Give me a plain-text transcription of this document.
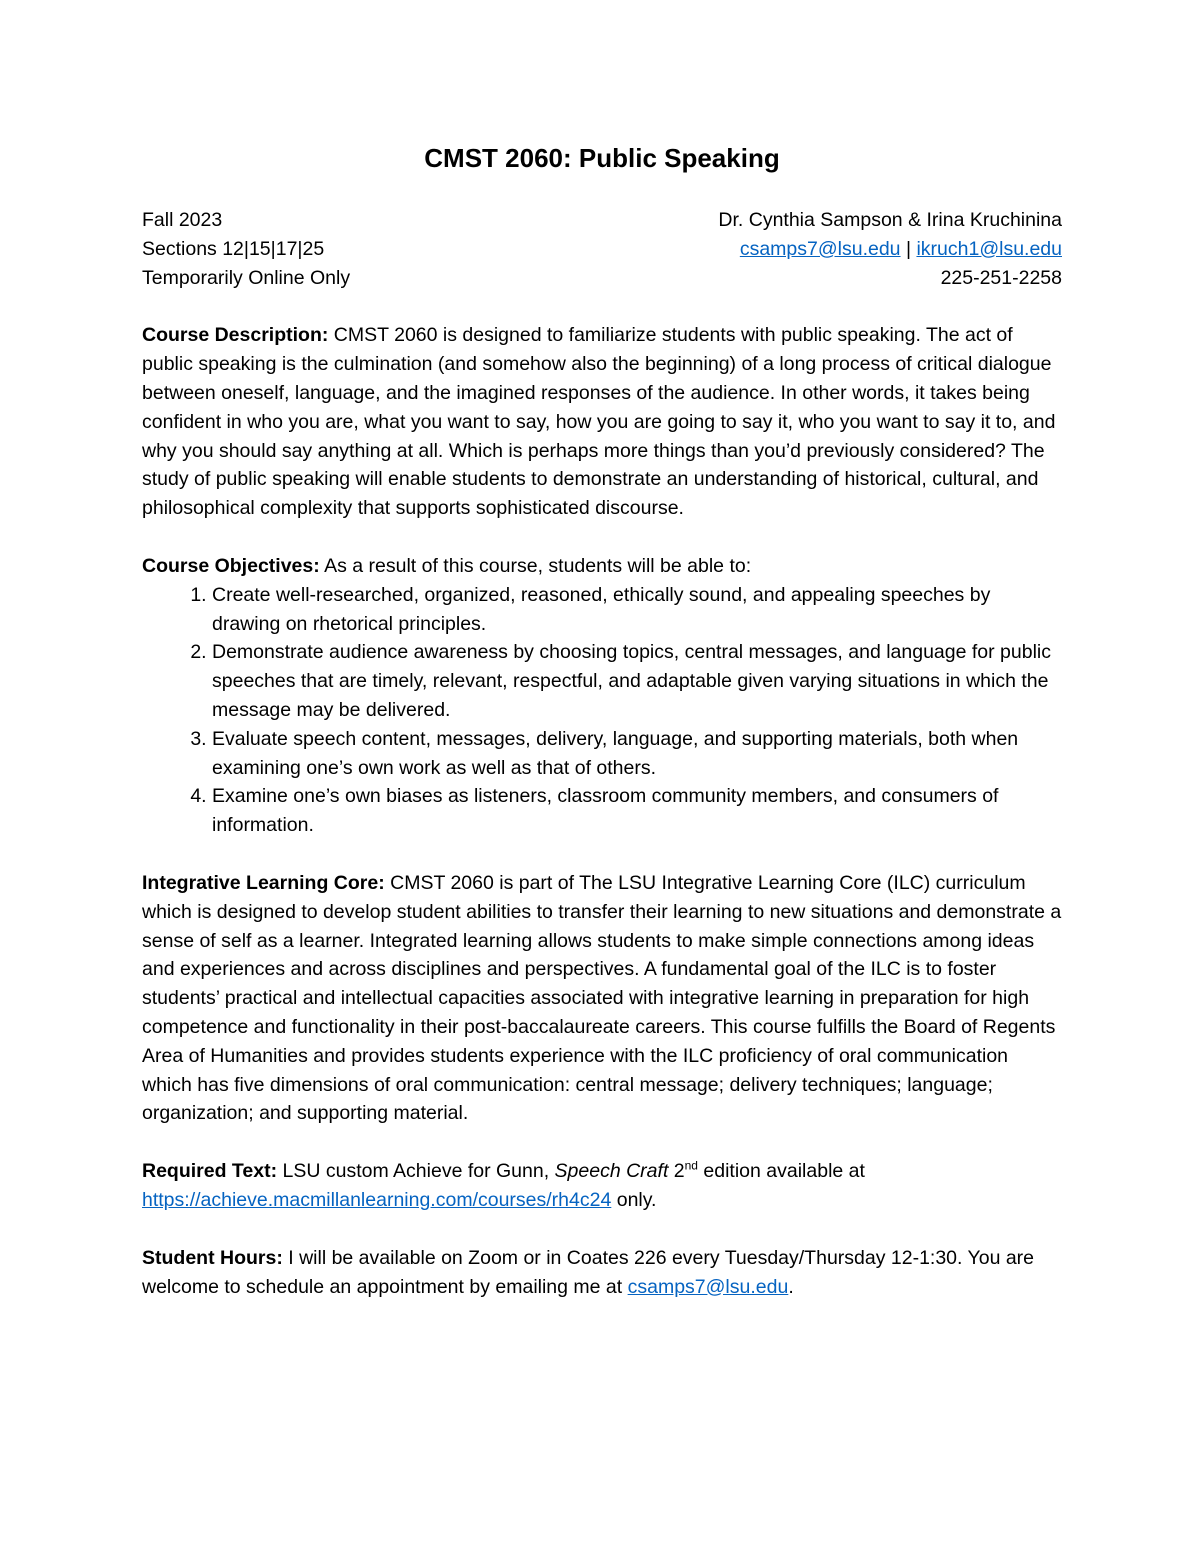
CMST 2060: Public Speaking
Fall 2023
Sections 12|15|17|25
Temporarily Online Only
Dr. Cynthia Sampson & Irina Kruchinina
csamps7@lsu.edu | ikruch1@lsu.edu
225-251-2258

Course Description: CMST 2060 is designed to familiarize students with public speaking. The act of public speaking is the culmination (and somehow also the beginning) of a long process of critical dialogue between oneself, language, and the imagined responses of the audience. In other words, it takes being confident in who you are, what you want to say, how you are going to say it, who you want to say it to, and why you should say anything at all. Which is perhaps more things than you’d previously considered? The study of public speaking will enable students to demonstrate an understanding of historical, cultural, and philosophical complexity that supports sophisticated discourse.

Course Objectives: As a result of this course, students will be able to:

1. Create well-researched, organized, reasoned, ethically sound, and appealing speeches by drawing on rhetorical principles.
2. Demonstrate audience awareness by choosing topics, central messages, and language for public speeches that are timely, relevant, respectful, and adaptable given varying situations in which the message may be delivered.
3. Evaluate speech content, messages, delivery, language, and supporting materials, both when examining one’s own work as well as that of others.
4. Examine one’s own biases as listeners, classroom community members, and consumers of information.

Integrative Learning Core: CMST 2060 is part of The LSU Integrative Learning Core (ILC) curriculum which is designed to develop student abilities to transfer their learning to new situations and demonstrate a sense of self as a learner. Integrated learning allows students to make simple connections among ideas and experiences and across disciplines and perspectives. A fundamental goal of the ILC is to foster students’ practical and intellectual capacities associated with integrative learning in preparation for high competence and functionality in their post-baccalaureate careers. This course fulfills the Board of Regents Area of Humanities and provides students experience with the ILC proficiency of oral communication which has five dimensions of oral communication: central message; delivery techniques; language; organization; and supporting material.

Required Text: LSU custom Achieve for Gunn, Speech Craft 2nd edition available at
https://achieve.macmillanlearning.com/courses/rh4c24 only.

Student Hours: I will be available on Zoom or in Coates 226 every Tuesday/Thursday 12-1:30. You are welcome to schedule an appointment by emailing me at csamps7@lsu.edu.
